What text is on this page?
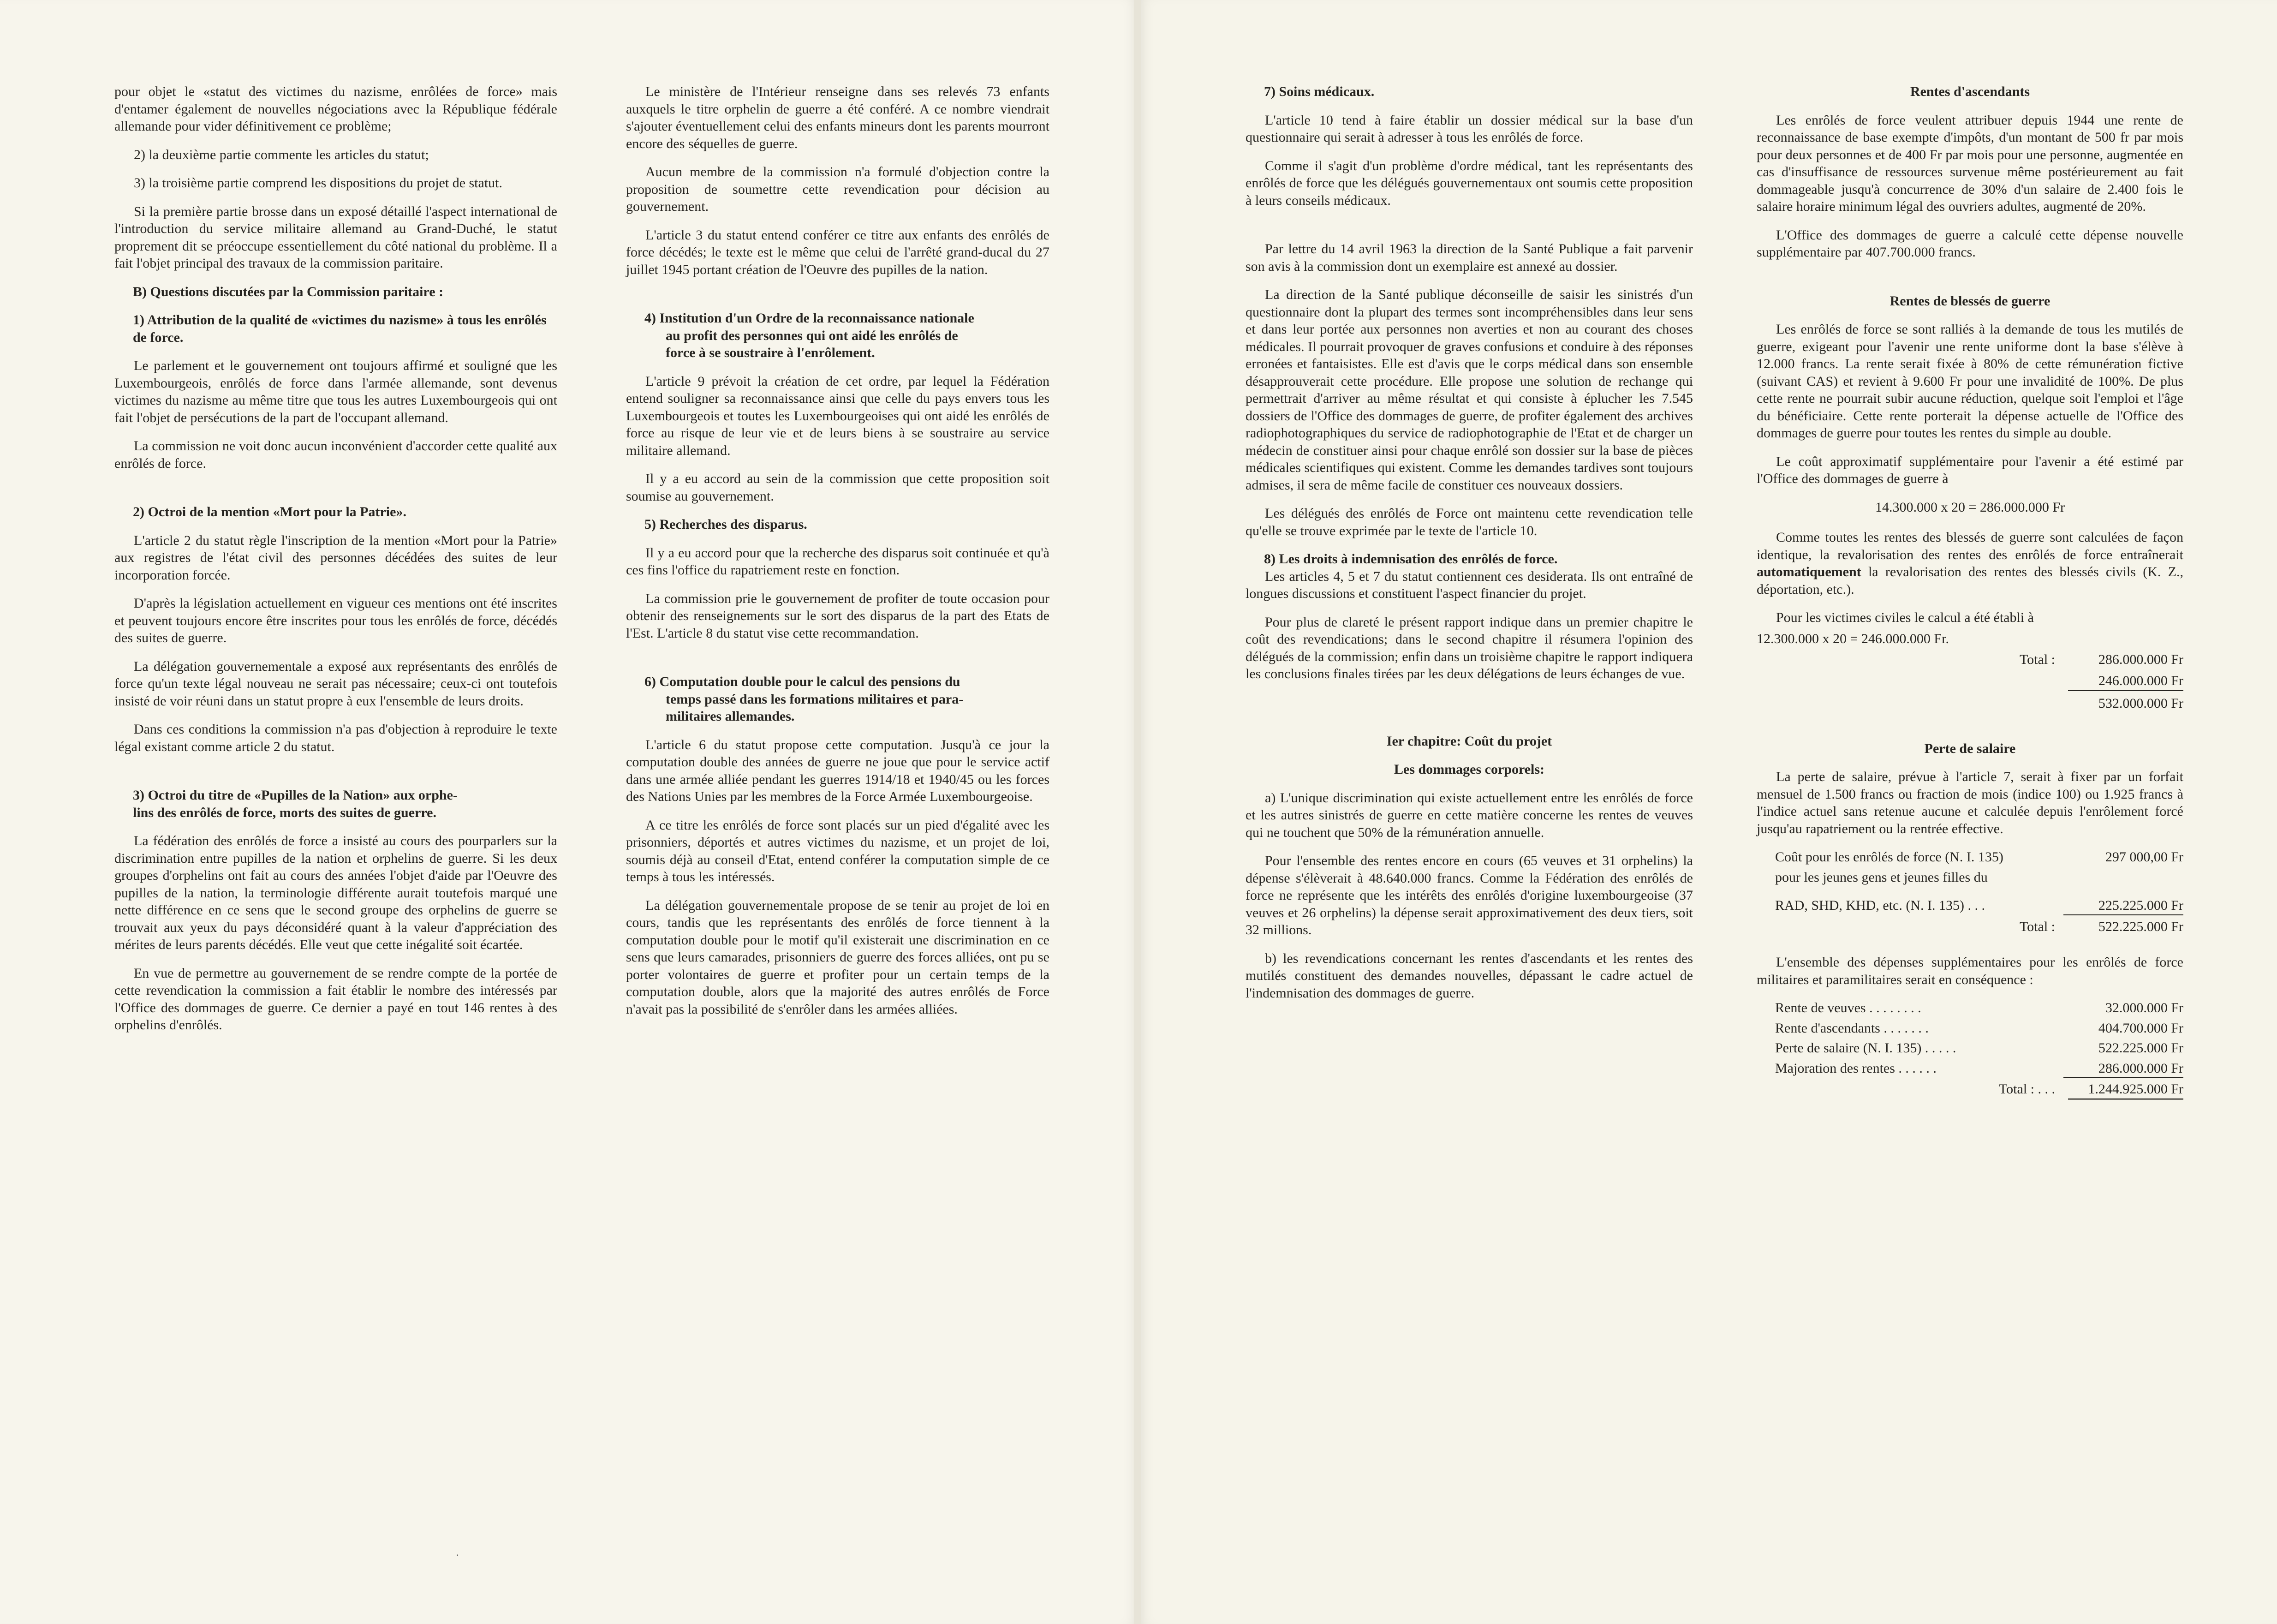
pour objet le «statut des victimes du nazisme, enrôlées de force» mais d'entamer également de nouvelles négociations avec la République fédérale allemande pour vider définitivement ce problème;

2) la deuxième partie commente les articles du statut;

3) la troisième partie comprend les dispositions du projet de statut.

Si la première partie brosse dans un exposé détaillé l'aspect international de l'introduction du service militaire allemand au Grand-Duché, le statut proprement dit se préoccupe essentiellement du côté national du problème. Il a fait l'objet principal des travaux de la commission paritaire.

B) Questions discutées par la Commission paritaire :
1) Attribution de la qualité de «victimes du nazisme» à tous les enrôlés de force.

Le parlement et le gouvernement ont toujours affirmé et souligné que les Luxembourgeois, enrôlés de force dans l'armée allemande, sont devenus victimes du nazisme au même titre que tous les autres Luxembourgeois qui ont fait l'objet de persécutions de la part de l'occupant allemand.

La commission ne voit donc aucun inconvénient d'accorder cette qualité aux enrôlés de force.

2) Octroi de la mention «Mort pour la Patrie».

L'article 2 du statut règle l'inscription de la mention «Mort pour la Patrie» aux registres de l'état civil des personnes décédées des suites de leur incorporation forcée.

D'après la législation actuellement en vigueur ces mentions ont été inscrites et peuvent toujours encore être inscrites pour tous les enrôlés de force, décédés des suites de guerre.

La délégation gouvernementale a exposé aux représentants des enrôlés de force qu'un texte légal nouveau ne serait pas nécessaire; ceux-ci ont toutefois insisté de voir réuni dans un statut propre à eux l'ensemble de leurs droits.

Dans ces conditions la commission n'a pas d'objection à reproduire le texte légal existant comme article 2 du statut.

3) Octroi du titre de «Pupilles de la Nation» aux orphe-
lins des enrôlés de force, morts des suites de guerre.

La fédération des enrôlés de force a insisté au cours des pourparlers sur la discrimination entre pupilles de la nation et orphelins de guerre. Si les deux groupes d'orphelins ont fait au cours des années l'objet d'aide par l'Oeuvre des pupilles de la nation, la terminologie différente aurait toutefois marqué une nette différence en ce sens que le second groupe des orphelins de guerre se trouvait aux yeux du pays déconsidéré quant à la valeur d'appréciation des mérites de leurs parents décédés. Elle veut que cette inégalité soit écartée.

En vue de permettre au gouvernement de se rendre compte de la portée de cette revendication la commission a fait établir le nombre des intéressés par l'Office des dommages de guerre. Ce dernier a payé en tout 146 rentes à des orphelins d'enrôlés.

Le ministère de l'Intérieur renseigne dans ses relevés 73 enfants auxquels le titre orphelin de guerre a été conféré. A ce nombre viendrait s'ajouter éventuellement celui des enfants mineurs dont les parents mourront encore des séquelles de guerre.

Aucun membre de la commission n'a formulé d'objection contre la proposition de soumettre cette revendication pour décision au gouvernement.

L'article 3 du statut entend conférer ce titre aux enfants des enrôlés de force décédés; le texte est le même que celui de l'arrêté grand-ducal du 27 juillet 1945 portant création de l'Oeuvre des pupilles de la nation.

4) Institution d'un Ordre de la reconnaissance nationale
au profit des personnes qui ont aidé les enrôlés de
force à se soustraire à l'enrôlement.

L'article 9 prévoit la création de cet ordre, par lequel la Fédération entend souligner sa reconnaissance ainsi que celle du pays envers tous les Luxembourgeois et toutes les Luxembourgeoises qui ont aidé les enrôlés de force au risque de leur vie et de leurs biens à se soustraire au service militaire allemand.

Il y a eu accord au sein de la commission que cette proposition soit soumise au gouvernement.

5) Recherches des disparus.

Il y a eu accord pour que la recherche des disparus soit continuée et qu'à ces fins l'office du rapatriement reste en fonction.

La commission prie le gouvernement de profiter de toute occasion pour obtenir des renseignements sur le sort des disparus de la part des Etats de l'Est. L'article 8 du statut vise cette recommandation.

6) Computation double pour le calcul des pensions du
temps passé dans les formations militaires et para-
militaires allemandes.

L'article 6 du statut propose cette computation. Jusqu'à ce jour la computation double des années de guerre ne joue que pour le service actif dans une armée alliée pendant les guerres 1914/18 et 1940/45 ou les forces des Nations Unies par les membres de la Force Armée Luxembourgeoise.

A ce titre les enrôlés de force sont placés sur un pied d'égalité avec les prisonniers, déportés et autres victimes du nazisme, et un projet de loi, soumis déjà au conseil d'Etat, entend conférer la computation simple de ce temps à tous les intéressés.

La délégation gouvernementale propose de se tenir au projet de loi en cours, tandis que les représentants des enrôlés de force tiennent à la computation double pour le motif qu'il existerait une discrimination en ce sens que leurs camarades, prisonniers de guerre des forces alliées, ont pu se porter volontaires de guerre et profiter pour un certain temps de la computation double, alors que la majorité des autres enrôlés de Force n'avait pas la possibilité de s'enrôler dans les armées alliées.

7) Soins médicaux.

L'article 10 tend à faire établir un dossier médical sur la base d'un questionnaire qui serait à adresser à tous les enrôlés de force.

Comme il s'agit d'un problème d'ordre médical, tant les représentants des enrôlés de force que les délégués gouvernementaux ont soumis cette proposition à leurs conseils médicaux.

Par lettre du 14 avril 1963 la direction de la Santé Publique a fait parvenir son avis à la commission dont un exemplaire est annexé au dossier.

La direction de la Santé publique déconseille de saisir les sinistrés d'un questionnaire dont la plupart des termes sont incompréhensibles dans leur sens et dans leur portée aux personnes non averties et non au courant des choses médicales. Il pourrait provoquer de graves confusions et conduire à des réponses erronées et fantaisistes. Elle est d'avis que le corps médical dans son ensemble désapprouverait cette procédure. Elle propose une solution de rechange qui permettrait d'arriver au même résultat et qui consiste à éplucher les 7.545 dossiers de l'Office des dommages de guerre, de profiter également des archives radiophotographiques du service de radiophotographie de l'Etat et de charger un médecin de constituer ainsi pour chaque enrôlé son dossier sur la base de pièces médicales scientifiques qui existent. Comme les demandes tardives sont toujours admises, il sera de même facile de constituer ces nouveaux dossiers.

Les délégués des enrôlés de Force ont maintenu cette revendication telle qu'elle se trouve exprimée par le texte de l'article 10.

8) Les droits à indemnisation des enrôlés de force.

Les articles 4, 5 et 7 du statut contiennent ces desiderata. Ils ont entraîné de longues discussions et constituent l'aspect financier du projet.

Pour plus de clareté le présent rapport indique dans un premier chapitre le coût des revendications; dans le second chapitre il résumera l'opinion des délégués de la commission; enfin dans un troisième chapitre le rapport indiquera les conclusions finales tirées par les deux délégations de leurs échanges de vue.

Ier chapitre: Coût du projet
Les dommages corporels:

a) L'unique discrimination qui existe actuellement entre les enrôlés de force et les autres sinistrés de guerre en cette matière concerne les rentes de veuves qui ne touchent que 50% de la rémunération annuelle.

Pour l'ensemble des rentes encore en cours (65 veuves et 31 orphelins) la dépense s'élèverait à 48.640.000 francs. Comme la Fédération des enrôlés de force ne représente que les intérêts des enrôlés d'origine luxembourgeoise (37 veuves et 26 orphelins) la dépense serait approximativement des deux tiers, soit 32 millions.

b) les revendications concernant les rentes d'ascendants et les rentes des mutilés constituent des demandes nouvelles, dépassant le cadre actuel de l'indemnisation des dommages de guerre.

Rentes d'ascendants

Les enrôlés de force veulent attribuer depuis 1944 une rente de reconnaissance de base exempte d'impôts, d'un montant de 500 fr par mois pour deux personnes et de 400 Fr par mois pour une personne, augmentée en cas d'insuffisance de ressources survenue même postérieurement au fait dommageable jusqu'à concurrence de 30% d'un salaire de 2.400 fois le salaire horaire minimum légal des ouvriers adultes, augmenté de 20%.

L'Office des dommages de guerre a calculé cette dépense nouvelle supplémentaire par 407.700.000 francs.

Rentes de blessés de guerre

Les enrôlés de force se sont ralliés à la demande de tous les mutilés de guerre, exigeant pour l'avenir une rente uniforme dont la base s'élève à 12.000 francs. La rente serait fixée à 80% de cette rémunération fictive (suivant CAS) et revient à 9.600 Fr pour une invalidité de 100%. De plus cette rente ne pourrait subir aucune réduction, quelque soit l'emploi et l'âge du bénéficiaire. Cette rente porterait la dépense actuelle de l'Office des dommages de guerre pour toutes les rentes du simple au double.

Le coût approximatif supplémentaire pour l'avenir a été estimé par l'Office des dommages de guerre à

14.300.000 x 20 = 286.000.000 Fr

Comme toutes les rentes des blessés de guerre sont calculées de façon identique, la revalorisation des rentes des enrôlés de force entraînerait automatiquement la revalorisation des rentes des blessés civils (K. Z., déportation, etc.).

Pour les victimes civiles le calcul a été établi à

12.300.000 x 20 = 246.000.000 Fr.

Total :	286.000.000 Fr
246.000.000 Fr
532.000.000 Fr
Perte de salaire

La perte de salaire, prévue à l'article 7, serait à fixer par un forfait mensuel de 1.500 francs ou fraction de mois (indice 100) ou 1.925 francs à l'indice actuel sans retenue aucune et calculée depuis l'enrôlement forcé jusqu'au rapatriement ou la rentrée effective.

Coût pour les enrôlés de force (N. I. 135)	297 000,00 Fr
pour les jeunes gens et jeunes filles du
RAD, SHD, KHD, etc. (N. I. 135) . . .	225.225.000 Fr
Total :	522.225.000 Fr

L'ensemble des dépenses supplémentaires pour les enrôlés de force militaires et paramilitaires serait en conséquence :

Rente de veuves . . . . . . . .	32.000.000 Fr
Rente d'ascendants . . . . . . .	404.700.000 Fr
Perte de salaire (N. I. 135) . . . . .	522.225.000 Fr
Majoration des rentes . . . . . .	286.000.000 Fr
Total : . . .	1.244.925.000 Fr
·
